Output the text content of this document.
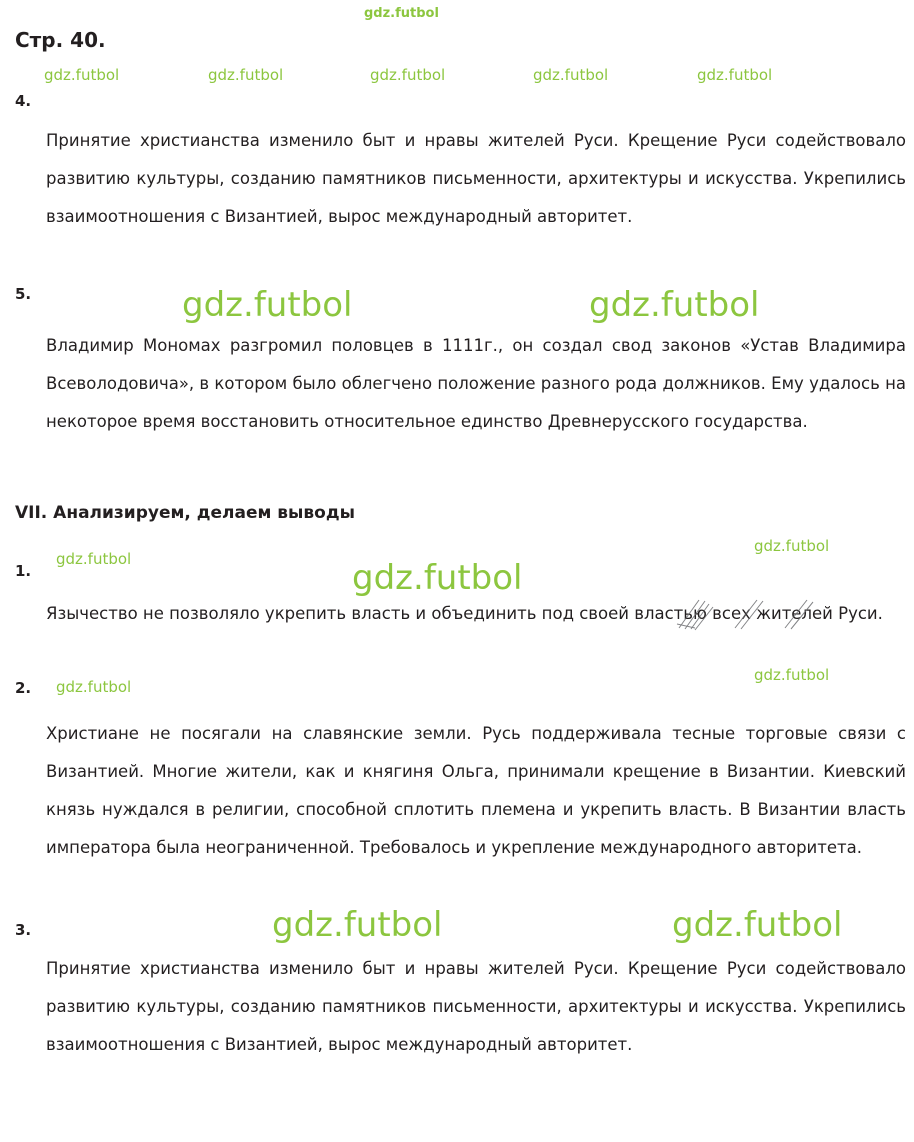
gdz.futbol
Стр. 40.
gdz.futbol	gdz.futbol	gdz.futbol	gdz.futbol	gdz.futbol
4.
Принятие христианства изменило быт и нравы жителей Руси. Крещение Руси содействовало развитию культуры, созданию памятников письменности, архитектуры и искусства. Укрепились взаимоотношения с Византией, вырос международный авторитет.
5.	gdz.futbol	gdz.futbol
Владимир Мономах разгромил половцев в 1111г., он создал свод законов «Устав Владимира Всеволодовича», в котором было облегчено положение разного рода должников. Ему удалось на некоторое время восстановить относительное единство Древнерусского государства.
VII. Анализируем, делаем выводы
gdz.futbol
1.
gdz.futbol	gdz.futbol
Язычество не позволяло укрепить власть и объединить под своей властью всех жителей Руси.
gdz.futbol
2. gdz.futbol
Христиане не посягали на славянские земли. Русь поддерживала тесные торговые связи с Византией. Многие жители, как и княгиня Ольга, принимали крещение в Византии. Киевский князь нуждался в религии, способной сплотить племена и укрепить власть. В Византии власть императора была неограниченной. Требовалось и укрепление международного авторитета.
3.	gdz.futbol	gdz.futbol
Принятие христианства изменило быт и нравы жителей Руси. Крещение Руси содействовало развитию культуры, созданию памятников письменности, архитектуры и искусства. Укрепились взаимоотношения с Византией, вырос международный авторитет.
